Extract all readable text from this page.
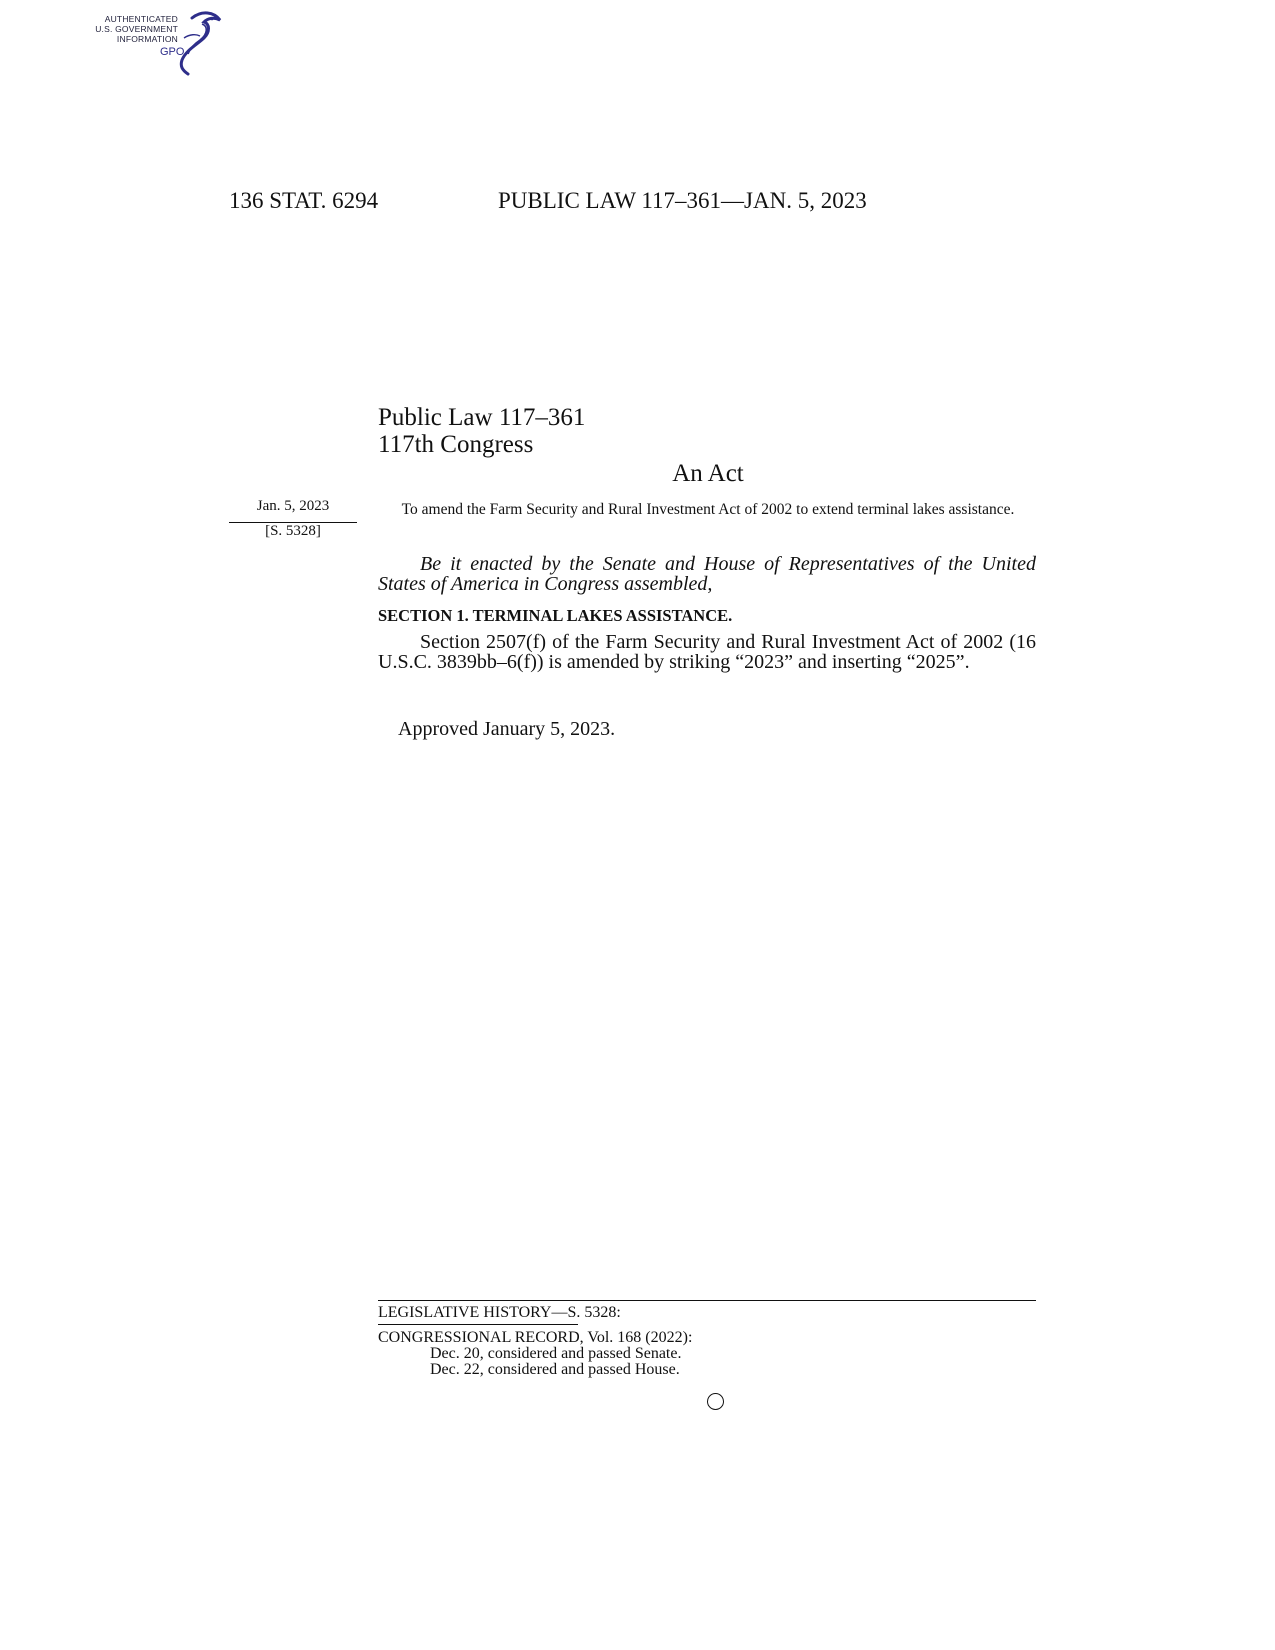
AUTHENTICATED
U.S. GOVERNMENT
INFORMATION
GPO
136 STAT. 6294	PUBLIC LAW 117–361—JAN. 5, 2023
Public Law 117–361
117th Congress
An Act
Jan. 5, 2023
[S. 5328]
To amend the Farm Security and Rural Investment Act of 2002 to extend terminal lakes assistance.
Be it enacted by the Senate and House of Representatives of the United States of America in Congress assembled,
SECTION 1. TERMINAL LAKES ASSISTANCE.
Section 2507(f) of the Farm Security and Rural Investment Act of 2002 (16 U.S.C. 3839bb–6(f)) is amended by striking “2023” and inserting “2025”.
Approved January 5, 2023.
LEGISLATIVE HISTORY—S. 5328:
CONGRESSIONAL RECORD, Vol. 168 (2022):
Dec. 20, considered and passed Senate.
Dec. 22, considered and passed House.
